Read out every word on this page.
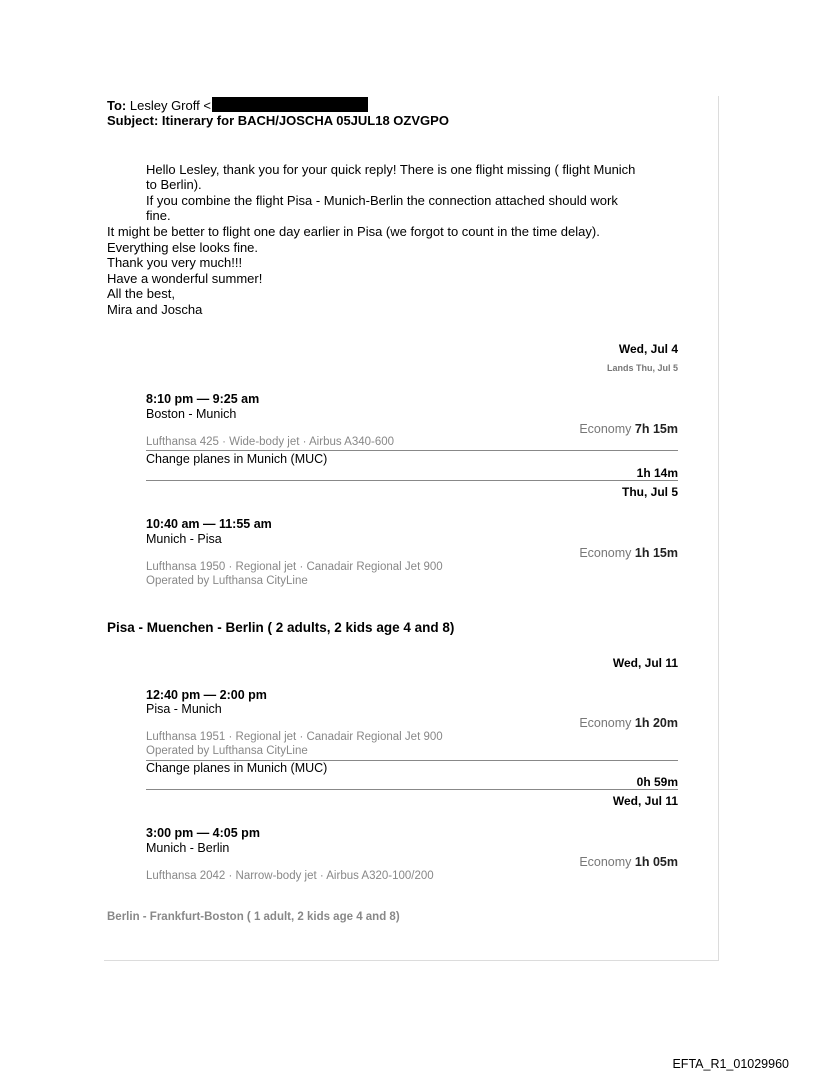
To: Lesley Groff <
Subject: Itinerary for BACH/JOSCHA 05JUL18 OZVGPO
Hello Lesley, thank you for your quick reply! There is one flight missing ( flight Munich
to Berlin).
If you combine the flight Pisa - Munich-Berlin the connection attached should work
fine.
It might be better to flight one day earlier in Pisa (we forgot to count in the time delay).
Everything else looks fine.
Thank you very much!!!
Have a wonderful summer!
All the best,
Mira and Joscha
Wed, Jul 4
Lands Thu, Jul 5
8:10 pm — 9:25 am
Boston - Munich
Economy 7h 15m
Lufthansa 425 · Wide-body jet · Airbus A340-600
Change planes in Munich (MUC)
1h 14m
Thu, Jul 5
10:40 am — 11:55 am
Munich - Pisa
Economy 1h 15m
Lufthansa 1950 · Regional jet · Canadair Regional Jet 900
Operated by Lufthansa CityLine
Pisa - Muenchen - Berlin ( 2 adults, 2 kids age 4 and 8)
Wed, Jul 11
12:40 pm — 2:00 pm
Pisa - Munich
Economy 1h 20m
Lufthansa 1951 · Regional jet · Canadair Regional Jet 900
Operated by Lufthansa CityLine
Change planes in Munich (MUC)
0h 59m
Wed, Jul 11
3:00 pm — 4:05 pm
Munich - Berlin
Economy 1h 05m
Lufthansa 2042 · Narrow-body jet · Airbus A320-100/200
Berlin - Frankfurt-Boston ( 1 adult, 2 kids age 4 and 8)
EFTA_R1_01029960
